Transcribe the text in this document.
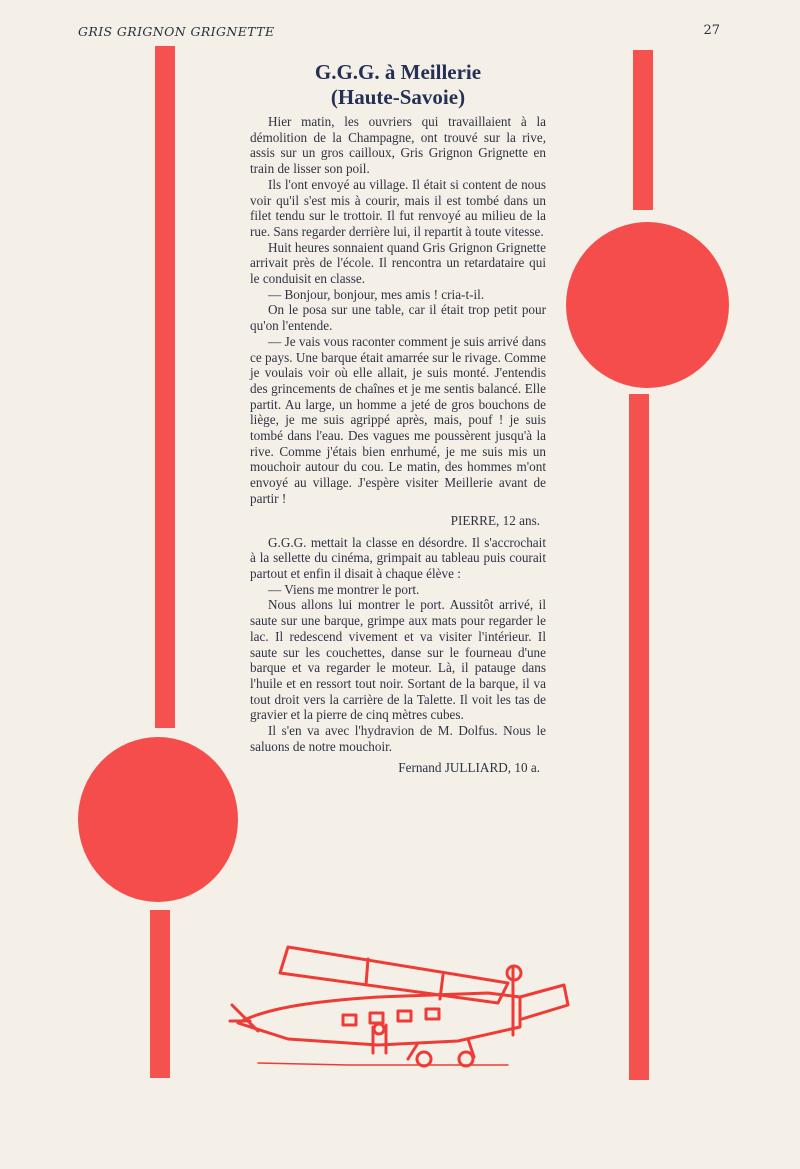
GRIS GRIGNON GRIGNETTE	27
G.G.G. à Meillerie
(Haute-Savoie)

Hier matin, les ouvriers qui travaillaient à la démolition de la Champagne, ont trouvé sur la rive, assis sur un gros cailloux, Gris Grignon Grignette en train de lisser son poil.

Ils l'ont envoyé au village. Il était si content de nous voir qu'il s'est mis à courir, mais il est tombé dans un filet tendu sur le trottoir. Il fut renvoyé au milieu de la rue. Sans regarder derrière lui, il repartit à toute vitesse.

Huit heures sonnaient quand Gris Grignon Grignette arrivait près de l'école. Il rencontra un retardataire qui le conduisit en classe.

— Bonjour, bonjour, mes amis ! cria-t-il.

On le posa sur une table, car il était trop petit pour qu'on l'entende.

— Je vais vous raconter comment je suis arrivé dans ce pays. Une barque était amarrée sur le rivage. Comme je voulais voir où elle allait, je suis monté. J'entendis des grincements de chaînes et je me sentis balancé. Elle partit. Au large, un homme a jeté de gros bouchons de liège, je me suis agrippé après, mais, pouf ! je suis tombé dans l'eau. Des vagues me poussèrent jusqu'à la rive. Comme j'étais bien enrhumé, je me suis mis un mouchoir autour du cou. Le matin, des hommes m'ont envoyé au village. J'espère visiter Meillerie avant de partir !

PIERRE, 12 ans.

G.G.G. mettait la classe en désordre. Il s'accrochait à la sellette du cinéma, grimpait au tableau puis courait partout et enfin il disait à chaque élève :

— Viens me montrer le port.

Nous allons lui montrer le port. Aussitôt arrivé, il saute sur une barque, grimpe aux mats pour regarder le lac. Il redescend vivement et va visiter l'intérieur. Il saute sur les couchettes, danse sur le fourneau d'une barque et va regarder le moteur. Là, il patauge dans l'huile et en ressort tout noir. Sortant de la barque, il va tout droit vers la carrière de la Talette. Il voit les tas de gravier et la pierre de cinq mètres cubes.

Il s'en va avec l'hydravion de M. Dolfus. Nous le saluons de notre mouchoir.

Fernand JULLIARD, 10 a.
